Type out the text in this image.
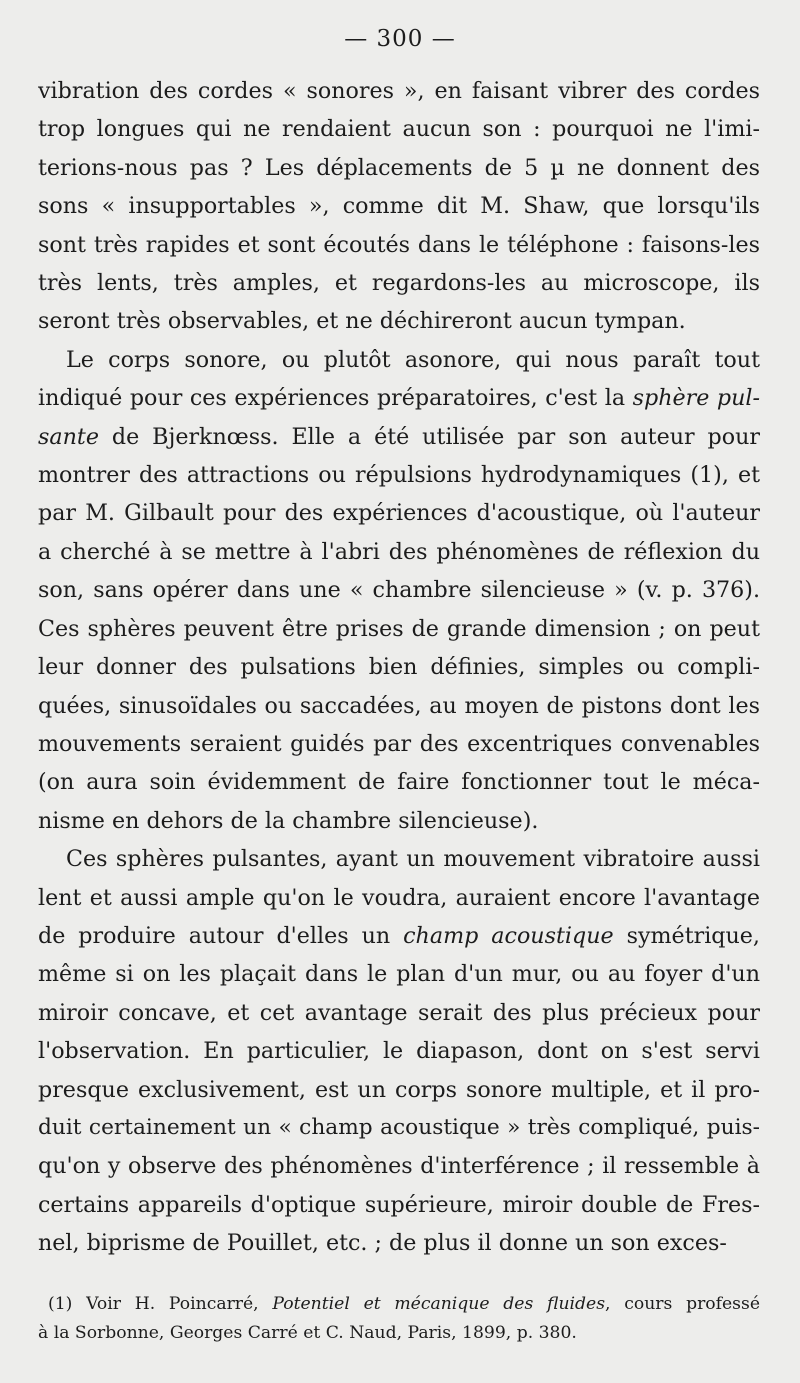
— 300 —
vibration des cordes « sonores », en faisant vibrer des cordes
trop longues qui ne rendaient aucun son : pourquoi ne l'imi-
terions-nous pas ? Les déplacements de 5 µ ne donnent des
sons « insupportables », comme dit M. Shaw, que lorsqu'ils
sont très rapides et sont écoutés dans le téléphone : faisons-les
très lents, très amples, et regardons-les au microscope, ils
seront très observables, et ne déchireront aucun tympan.
Le corps sonore, ou plutôt asonore, qui nous paraît tout
indiqué pour ces expériences préparatoires, c'est la sphère pul-
sante de Bjerknœss. Elle a été utilisée par son auteur pour
montrer des attractions ou répulsions hydrodynamiques (1), et
par M. Gilbault pour des expériences d'acoustique, où l'auteur
a cherché à se mettre à l'abri des phénomènes de réflexion du
son, sans opérer dans une « chambre silencieuse » (v. p. 376).
Ces sphères peuvent être prises de grande dimension ; on peut
leur donner des pulsations bien définies, simples ou compli-
quées, sinusoïdales ou saccadées, au moyen de pistons dont les
mouvements seraient guidés par des excentriques convenables
(on aura soin évidemment de faire fonctionner tout le méca-
nisme en dehors de la chambre silencieuse).
Ces sphères pulsantes, ayant un mouvement vibratoire aussi
lent et aussi ample qu'on le voudra, auraient encore l'avantage
de produire autour d'elles un champ acoustique symétrique,
même si on les plaçait dans le plan d'un mur, ou au foyer d'un
miroir concave, et cet avantage serait des plus précieux pour
l'observation. En particulier, le diapason, dont on s'est servi
presque exclusivement, est un corps sonore multiple, et il pro-
duit certainement un « champ acoustique » très compliqué, puis-
qu'on y observe des phénomènes d'interférence ; il ressemble à
certains appareils d'optique supérieure, miroir double de Fres-
nel, biprisme de Pouillet, etc. ; de plus il donne un son exces-
(1) Voir H. Poincarré, Potentiel et mécanique des fluides, cours professé
à la Sorbonne, Georges Carré et C. Naud, Paris, 1899, p. 380.
